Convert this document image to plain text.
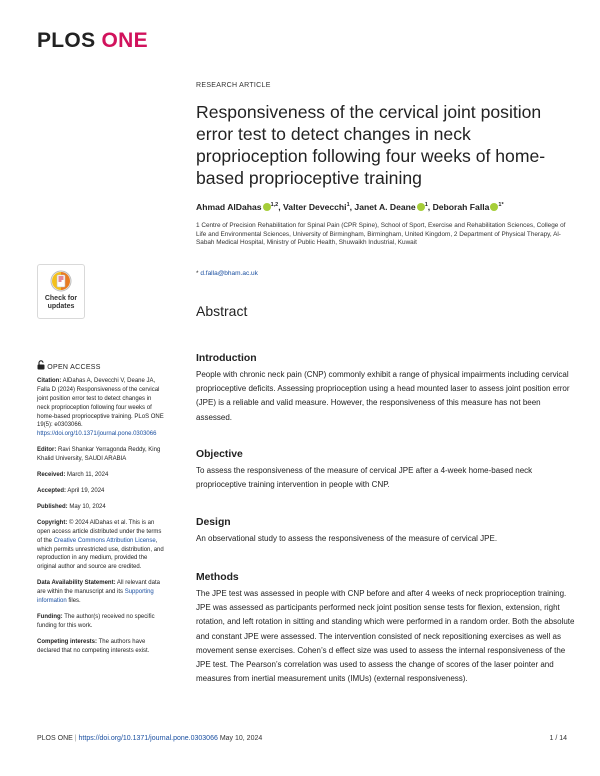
PLOS ONE
RESEARCH ARTICLE
Responsiveness of the cervical joint position error test to detect changes in neck proprioception following four weeks of home-based proprioceptive training
Ahmad AlDahas $^{1,2}$, Valter Devecchi$^1$, Janet A. Deane $^1$, Deborah Falla $^{1*}$
1 Centre of Precision Rehabilitation for Spinal Pain (CPR Spine), School of Sport, Exercise and Rehabilitation Sciences, College of Life and Environmental Sciences, University of Birmingham, Birmingham, United Kingdom, 2 Department of Physical Therapy, Al-Sabah Medical Hospital, Ministry of Public Health, Shuwaikh Industrial, Kuwait
* d.falla@bham.ac.uk
Check for
updates
OPEN ACCESS
Citation: AlDahas A, Devecchi V, Deane JA, Falla D (2024) Responsiveness of the cervical joint position error test to detect changes in neck proprioception following four weeks of home-based proprioceptive training. PLoS ONE 19(5): e0303066. https://doi.org/10.1371/journal.pone.0303066
Editor: Ravi Shankar Yerragonda Reddy, King Khalid University, SAUDI ARABIA
Received: March 11, 2024
Accepted: April 19, 2024
Published: May 10, 2024
Copyright: © 2024 AlDahas et al. This is an open access article distributed under the terms of the Creative Commons Attribution License, which permits unrestricted use, distribution, and reproduction in any medium, provided the original author and source are credited.
Data Availability Statement: All relevant data are within the manuscript and its Supporting information files.
Funding: The author(s) received no specific funding for this work.
Competing interests: The authors have declared that no competing interests exist.
Abstract
Introduction

People with chronic neck pain (CNP) commonly exhibit a range of physical impairments including cervical proprioceptive deficits. Assessing proprioception using a head mounted laser to assess joint position error (JPE) is a reliable and valid measure. However, the responsiveness of this measure has not been assessed.

Objective

To assess the responsiveness of the measure of cervical JPE after a 4-week home-based neck proprioceptive training intervention in people with CNP.

Design

An observational study to assess the responsiveness of the measure of cervical JPE.

Methods

The JPE test was assessed in people with CNP before and after 4 weeks of neck proprioception training. JPE was assessed as participants performed neck joint position sense tests for flexion, extension, right rotation, and left rotation in sitting and standing which were performed in a random order. Both the absolute and constant JPE were assessed. The intervention consisted of neck repositioning exercises as well as movement sense exercises. Cohen’s d effect size was used to assess the internal responsiveness of the JPE test. The Pearson’s correlation was used to assess the change of scores of the laser pointer and measures from inertial measurement units (IMUs) (external responsiveness).

PLOS ONE | https://doi.org/10.1371/journal.pone.0303066 May 10, 2024	1 / 14
